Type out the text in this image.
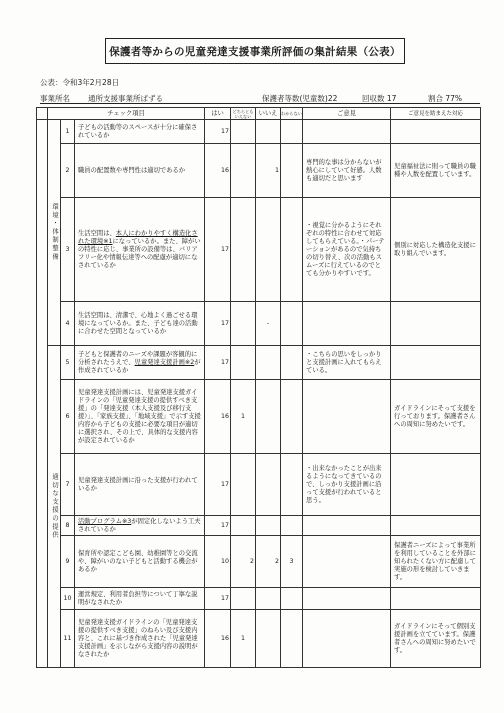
保護者等からの児童発達支援事業所評価の集計結果（公表）
公表：令和3年2月28日
事業所名 通所支援事業所ぱずる	保護者等数(児童数)22	回収数 17	割合 77%
	チェック項目			はい	どちらともいえない	いいえ	わからない	ご意見	ご意見を踏まえた対応
	環境・体制整備	1	子どもの活動等のスペースが十分に確保されているか	17					
		2	職員の配置数や専門性は適切であるか	16		1		専門的な事は分からないが熱心にしていて好感。人数も適切だと思います	児童福祉法に則って職員の職種や人数を配置しています。
		3	生活空間は、本人にわかりやすく構造化された環境※1になっているか。また、障がいの特性に応じ、事業所の設備等は、バリアフリー化や情報伝達等への配慮が適切になされているか	17				・視覚に分かるようにそれぞれの特性に合わせて対応してもらえている。・パーテーションがあるので気持ちの切り替え、次の活動もスムーズに行えているのでとても分かりやすいです。	個別に対応した構造化支援に取り組んでいます。
		4	生活空間は、清潔で、心地よく過ごせる環境になっているか。また、子ども達の活動に合わせた空間となっているか	17		-			
	適切な支援の提供	5	子どもと保護者のニーズや課題が客観的に分析されたうえで、児童発達支援計画※2が作成されているか	17				・こちらの思いをしっかりと支援計画に入れてもらえている。	
		6	児童発達支援計画には、児童発達支援ガイドラインの「児童発達支援の提供すべき支援」の「発達支援（本人支援及び移行支援）」、「家族支援」、「地域支援」で示す支援内容から子どもの支援に必要な項目が適切に選択され、その上で、具体的な支援内容が設定されているか	16	1				ガイドラインにそって支援を行っております。保護者さんへの周知に努めたいです。
		7	児童発達支援計画に沿った支援が行われているか	17				・出来なかったことが出来るようになってきているので、しっかり支援計画に沿って支援が行われていると思う。	
		8	活動プログラム※3が固定化しないよう工夫されているか	17					
		9	保育所や認定こども園、幼稚園等との交流や、障がいのない子どもと活動する機会があるか	10	2	2	3		保護者ニーズによって事業所を利用していることを外部に知られたくない方に配慮して実施の形を検討していきます。
		10	運営規定、利用者負担等について丁寧な説明がなされたか	17					
		11	児童発達支援ガイドラインの「児童発達支援の提供すべき支援」のねらい及び支援内容と、これに基づき作成された「児童発達支援計画」を示しながら支援内容の説明がなされたか	16	1				ガイドラインにそって個別支援計画を立てています。保護者さんへの周知に努めたいです。
